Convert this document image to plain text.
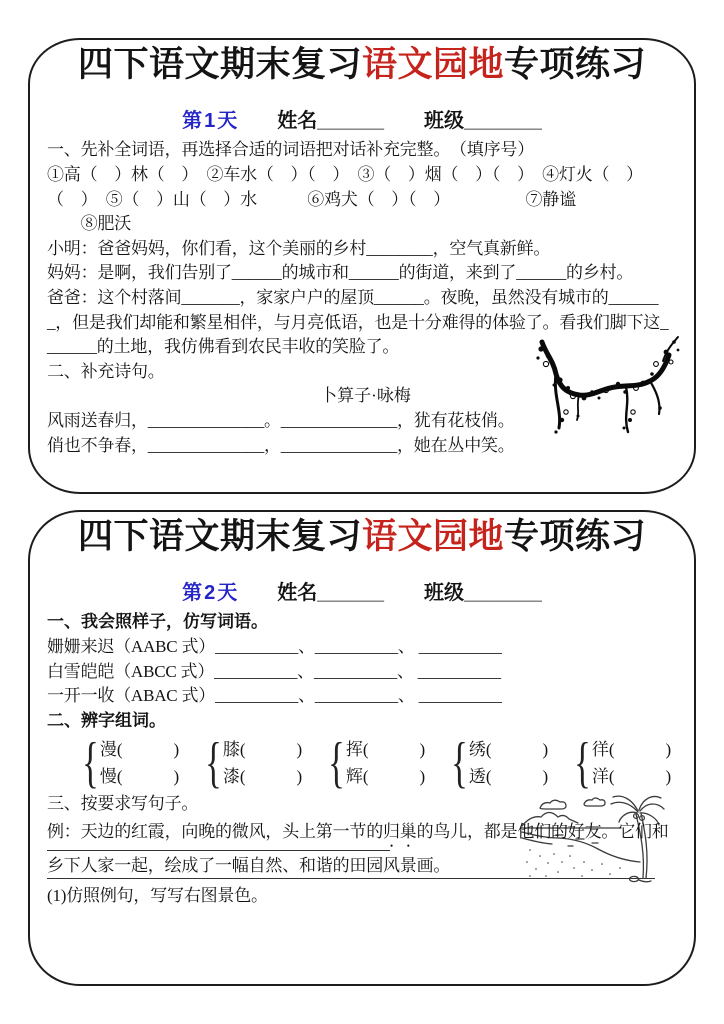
四下语文期末复习语文园地专项练习
第1天 姓名______ 班级_______
一、先补全词语，再选择合适的词语把对话补充完整。　（填序号）
①高（　）林（　）　②车水（　）（　）　③（　）烟（　）（　）　④灯火（　）
（　）　⑤（　）山（　）水　　　⑥鸡犬（　）（　）　　　　　⑦静谧
　　⑧肥沃
小明：爸爸妈妈，你们看，这个美丽的乡村________，空气真新鲜。
妈妈：是啊，我们告别了______的城市和______的街道，来到了______的乡村。
爸爸：这个村落间_______，家家户户的屋顶______。夜晚，虽然没有城市的______
_，但是我们却能和繁星相伴，与月亮低语，也是十分难得的体验了。看我们脚下这_
______的土地，我仿佛看到农民丰收的笑脸了。
二、补充诗句。
卜算子·咏梅
风雨送春归，______________。______________，犹有花枝俏。
俏也不争春，______________，______________，她在丛中笑。
四下语文期末复习语文园地专项练习
第2天 姓名______ 班级_______
一、我会照样子，仿写词语。
姗姗来迟（AABC 式）__________、__________、 __________
白雪皑皑（ABCC 式）__________、__________、 __________
一开一收（ABAC 式）__________、__________、 __________
二、辨字组词。
{ 漫(　　　)
慢(　　　) { 膝(　　　)
漆(　　　) { 挥(　　　)
辉(　　　) { 绣(　　　)
透(　　　) { 徉(　　　)
洋(　　　)
三、按要求写句子。
例：天边的红霞，向晚的微风，头上第一节的归巢的鸟儿，都是他们的好友。它们和
乡下人家一起，绘成了一幅自然、和谐的田园风景画。
(1)仿照例句，写写右图景色。
